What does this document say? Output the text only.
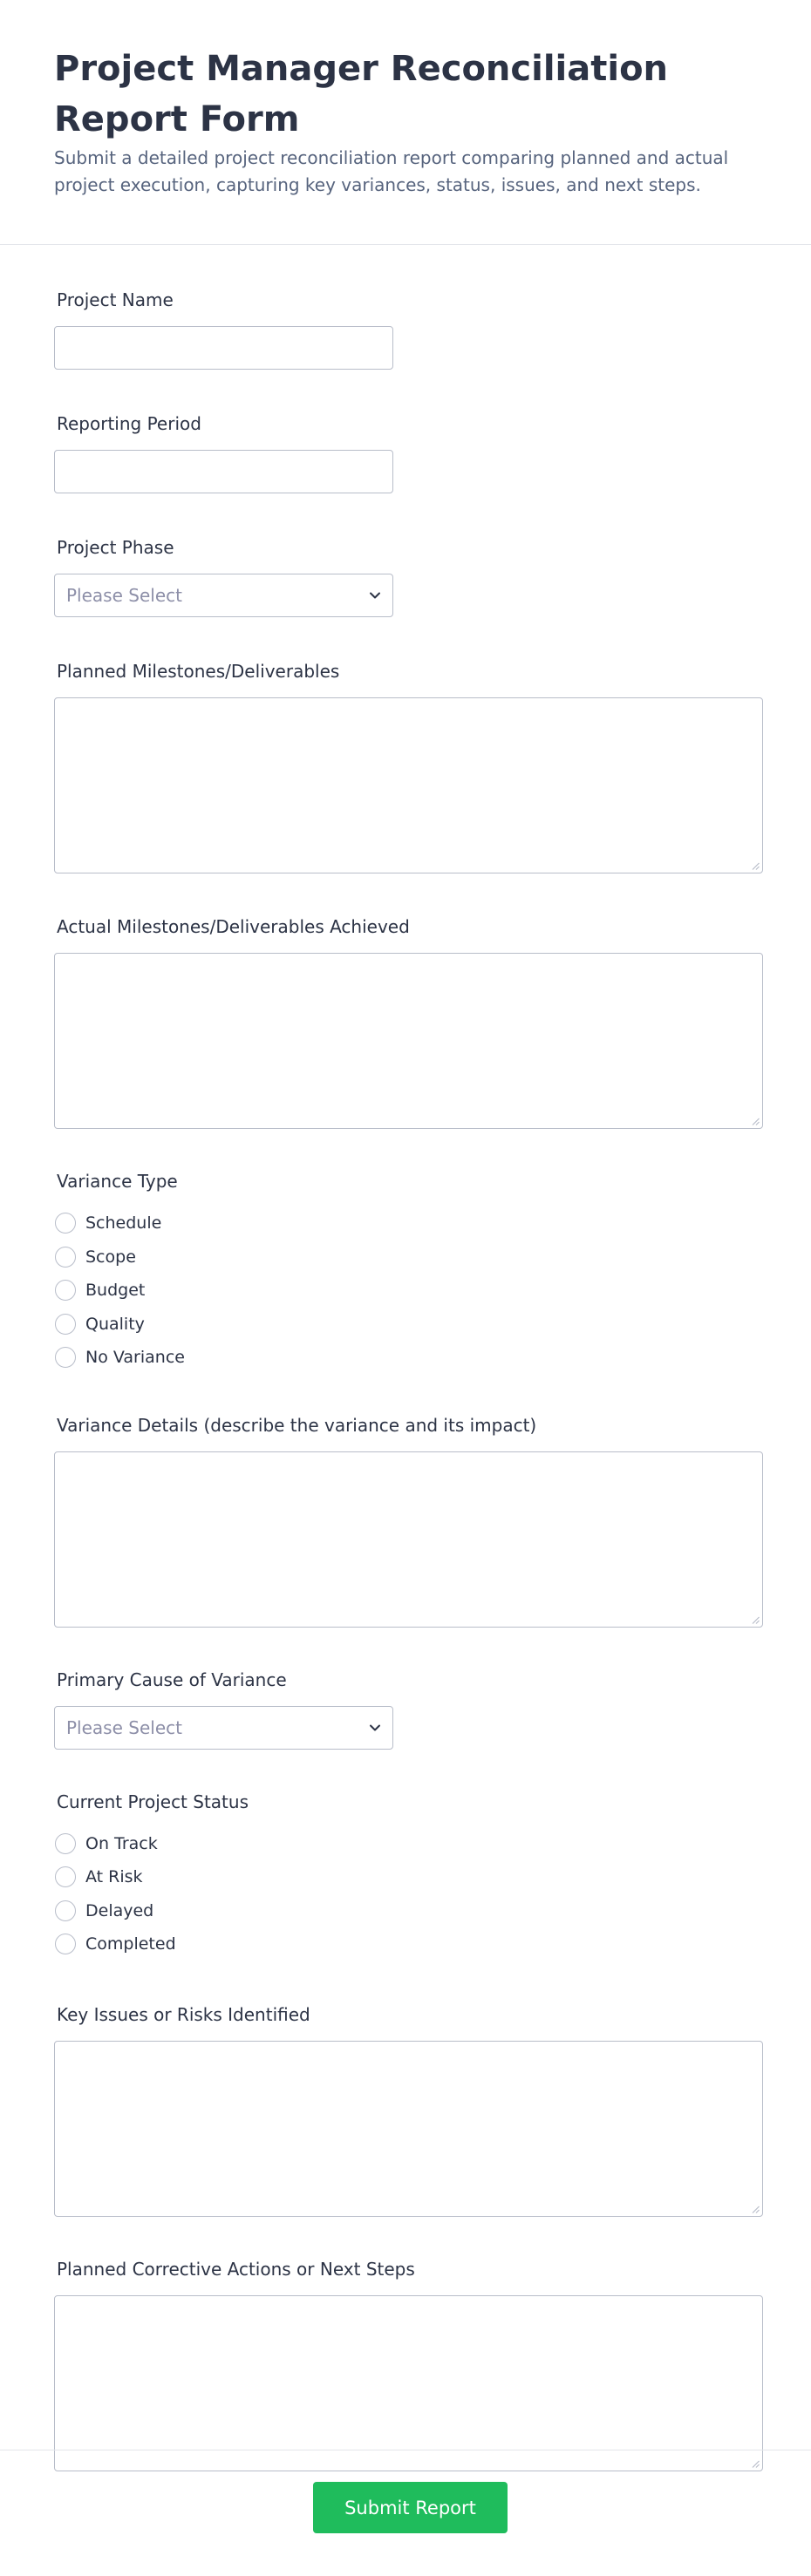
Project Manager Reconciliation Report Form

Submit a detailed project reconciliation report comparing planned and actual project execution, capturing key variances, status, issues, and next steps.

Project Name
Reporting Period
Project Phase
Please Select
Planned Milestones/Deliverables
Actual Milestones/Deliverables Achieved
Variance Type
Schedule
Scope
Budget
Quality
No Variance
Variance Details (describe the variance and its impact)
Primary Cause of Variance
Please Select
Current Project Status
On Track
At Risk
Delayed
Completed
Key Issues or Risks Identified
Planned Corrective Actions or Next Steps
Submit Report
